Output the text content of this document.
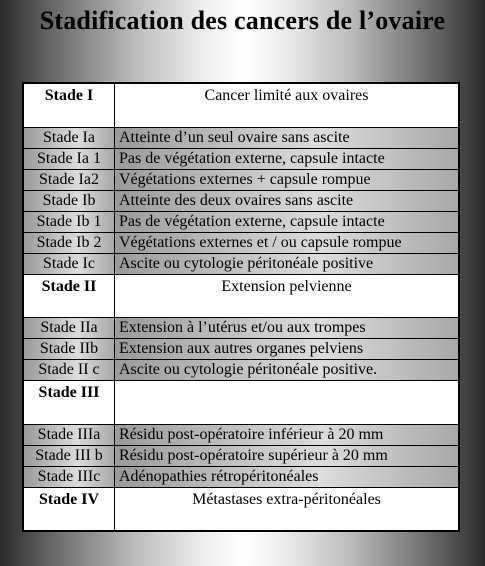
Stadification des cancers de l’ovaire
Stade I	Cancer limité aux ovaires
Stade Ia	Atteinte d’un seul ovaire sans ascite
Stade Ia 1	Pas de végétation externe, capsule intacte
Stade Ia2	Végétations externes + capsule rompue
Stade Ib	Atteinte des deux ovaires sans ascite
Stade Ib 1	Pas de végétation externe, capsule intacte
Stade Ib 2	Végétations externes et / ou capsule rompue
Stade Ic	Ascite ou cytologie péritonéale positive
Stade II	Extension pelvienne
Stade IIa	Extension à l’utérus et/ou aux trompes
Stade IIb	Extension aux autres organes pelviens
Stade II c	Ascite ou cytologie péritonéale positive.
Stade III	
Stade IIIa	Résidu post-opératoire inférieur à 20 mm
Stade III b	Résidu post-opératoire supérieur à 20 mm
Stade IIIc	Adénopathies rétropéritonéales
Stade IV	Métastases extra-péritonéales
